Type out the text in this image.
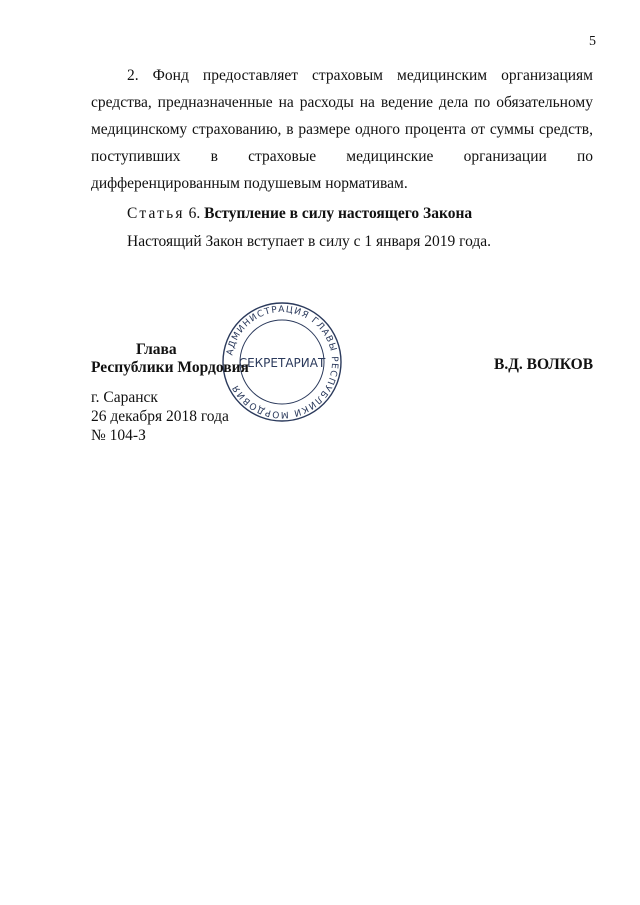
5

2. Фонд предоставляет страховым медицинским организациям средства, предназначенные на расходы на ведение дела по обязательному медицинскому страхованию, в размере одного процента от суммы средств, поступивших в страховые медицинские организации по дифференцированным подушевым нормативам.

Статья 6. Вступление в силу настоящего Закона
Настоящий Закон вступает в силу с 1 января 2019 года.
АДМИНИСТРАЦИЯ ГЛАВЫ РЕСПУБЛИКИ МОРДОВИЯ
СЕКРЕТАРИАТ
Глава
Республики Мордовия	В.Д. ВОЛКОВ
г. Саранск
26 декабря 2018 года
№ 104-З
